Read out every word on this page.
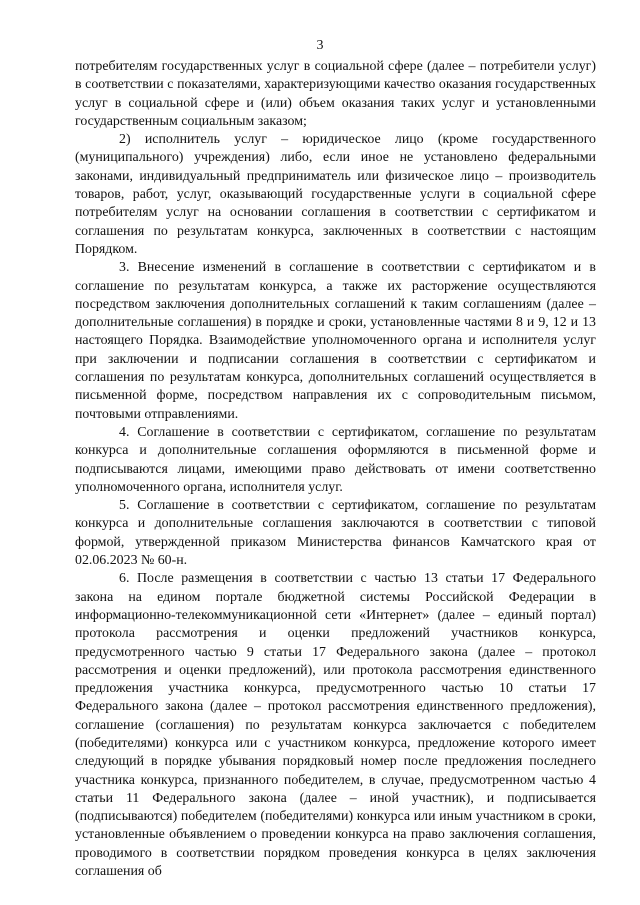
3

потребителям государственных услуг в социальной сфере (далее – потребители услуг) в соответствии с показателями, характеризующими качество оказания государственных услуг в социальной сфере и (или) объем оказания таких услуг и установленными государственным социальным заказом;

2) исполнитель услуг – юридическое лицо (кроме государственного (муниципального) учреждения) либо, если иное не установлено федеральными законами, индивидуальный предприниматель или физическое лицо – производитель товаров, работ, услуг, оказывающий государственные услуги в социальной сфере потребителям услуг на основании соглашения в соответствии с сертификатом и соглашения по результатам конкурса, заключенных в соответствии с настоящим Порядком.

3. Внесение изменений в соглашение в соответствии с сертификатом и в соглашение по результатам конкурса, а также их расторжение осуществляются посредством заключения дополнительных соглашений к таким соглашениям (далее – дополнительные соглашения) в порядке и сроки, установленные частями 8 и 9, 12 и 13 настоящего Порядка. Взаимодействие уполномоченного органа и исполнителя услуг при заключении и подписании соглашения в соответствии с сертификатом и соглашения по результатам конкурса, дополнительных соглашений осуществляется в письменной форме, посредством направления их с сопроводительным письмом, почтовыми отправлениями.

4. Соглашение в соответствии с сертификатом, соглашение по результатам конкурса и дополнительные соглашения оформляются в письменной форме и подписываются лицами, имеющими право действовать от имени соответственно уполномоченного органа, исполнителя услуг.

5. Соглашение в соответствии с сертификатом, соглашение по результатам конкурса и дополнительные соглашения заключаются в соответствии с типовой формой, утвержденной приказом Министерства финансов Камчатского края от 02.06.2023 № 60-н.

6. После размещения в соответствии с частью 13 статьи 17 Федерального закона на едином портале бюджетной системы Российской Федерации в информационно-телекоммуникационной сети «Интернет» (далее – единый портал) протокола рассмотрения и оценки предложений участников конкурса, предусмотренного частью 9 статьи 17 Федерального закона (далее – протокол рассмотрения и оценки предложений), или протокола рассмотрения единственного предложения участника конкурса, предусмотренного частью 10 статьи 17 Федерального закона (далее – протокол рассмотрения единственного предложения), соглашение (соглашения) по результатам конкурса заключается с победителем (победителями) конкурса или с участником конкурса, предложение которого имеет следующий в порядке убывания порядковый номер после предложения последнего участника конкурса, признанного победителем, в случае, предусмотренном частью 4 статьи 11 Федерального закона (далее – иной участник), и подписывается (подписываются) победителем (победителями) конкурса или иным участником в сроки, установленные объявлением о проведении конкурса на право заключения соглашения, проводимого в соответствии порядком проведения конкурса в целях заключения соглашения об
